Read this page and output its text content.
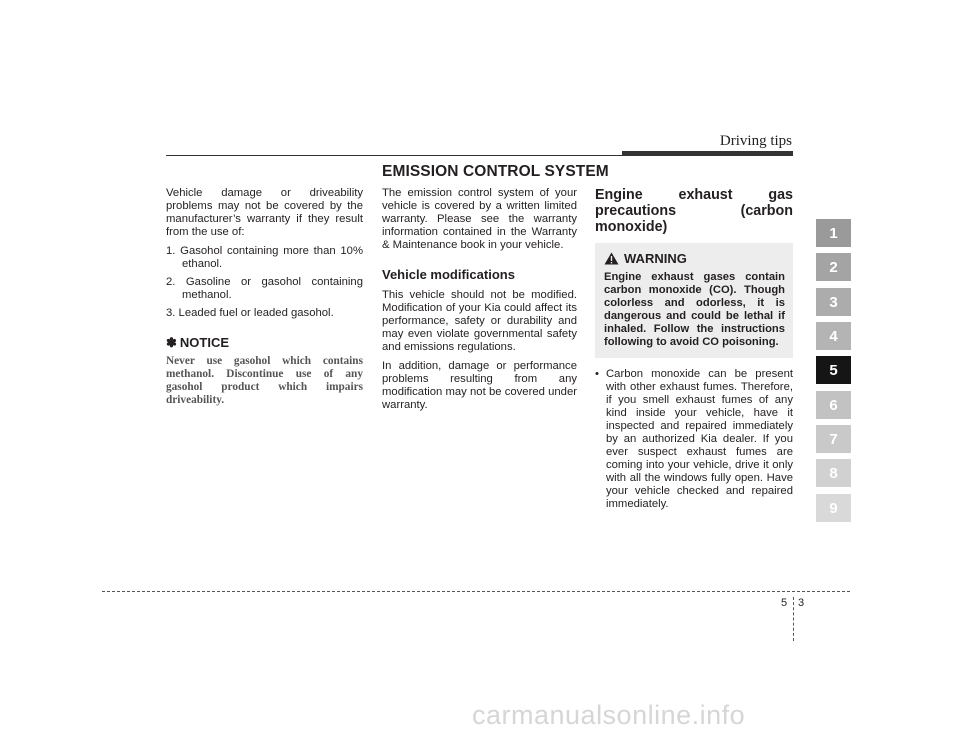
Driving tips
EMISSION CONTROL SYSTEM

Vehicle damage or driveability problems may not be covered by the manufacturer’s warranty if they result from the use of:

1. Gasohol containing more than 10% ethanol.
2. Gasoline or gasohol containing methanol.
3. Leaded fuel or leaded gasohol.
✽ NOTICE
Never use gasohol which contains methanol. Discontinue use of any gasohol product which impairs driveability.

The emission control system of your vehicle is covered by a written limited warranty. Please see the warranty information contained in the Warranty & Maintenance book in your vehicle.

Vehicle modifications

This vehicle should not be modified. Modification of your Kia could affect its performance, safety or durability and may even violate governmental safety and emissions regulations.

In addition, damage or performance problems resulting from any modification may not be covered under warranty.

Engine exhaust gas precautions (carbon monoxide)
WARNING
Engine exhaust gases contain carbon monoxide (CO). Though colorless and odorless, it is dangerous and could be lethal if inhaled. Follow the instructions following to avoid CO poisoning.
• Carbon monoxide can be present with other exhaust fumes. Therefore, if you smell exhaust fumes of any kind inside your vehicle, have it inspected and repaired immediately by an authorized Kia dealer. If you ever suspect exhaust fumes are coming into your vehicle, drive it only with all the windows fully open. Have your vehicle checked and repaired immediately.
1
2
3
4
5
6
7
8
9
5 3
carmanualsonline.info
